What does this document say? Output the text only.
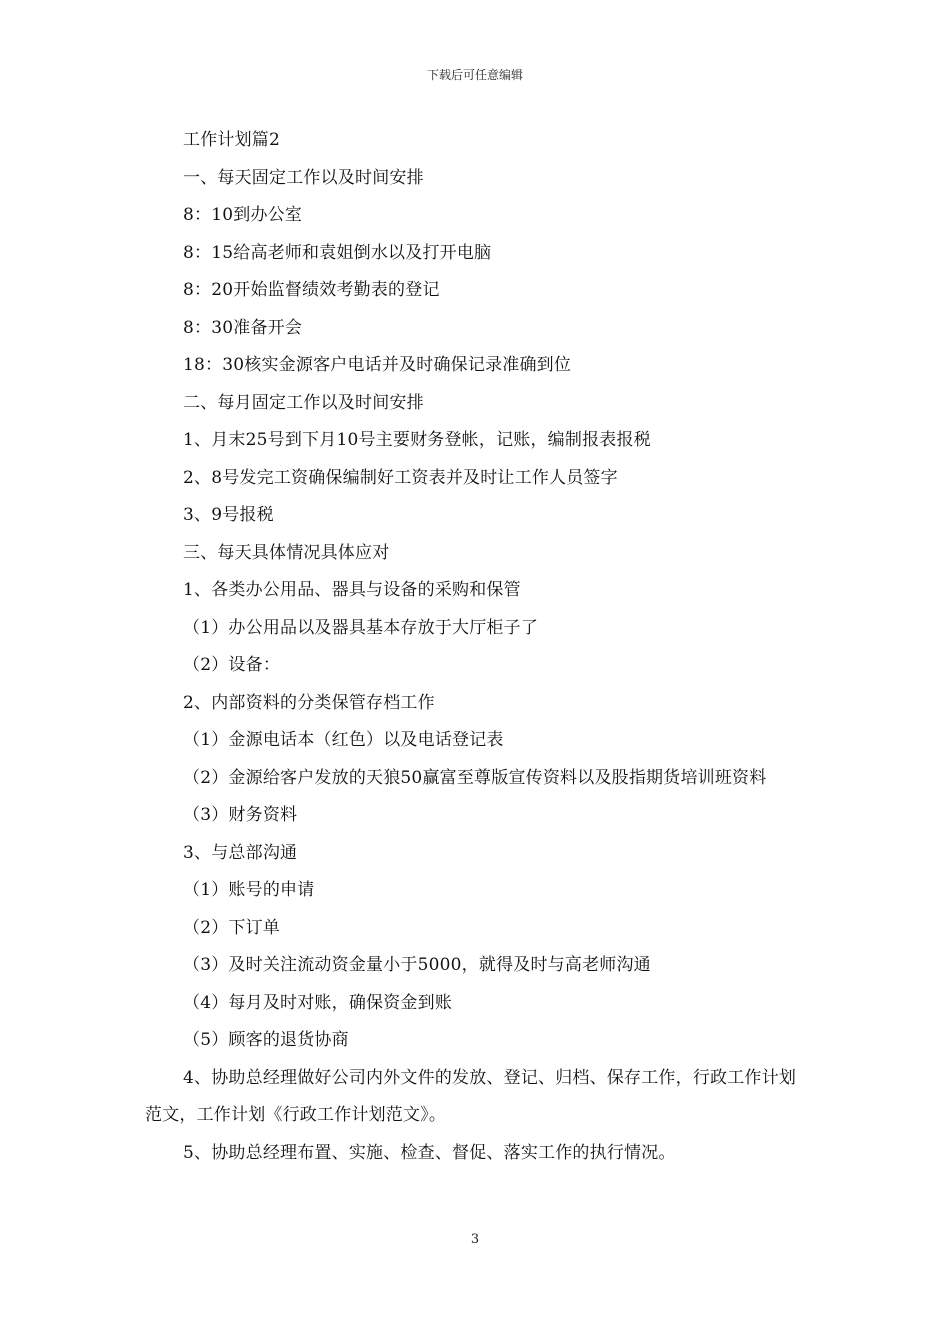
下载后可任意编辑

工作计划篇2

一、每天固定工作以及时间安排

8：10到办公室

8：15给高老师和袁姐倒水以及打开电脑

8：20开始监督绩效考勤表的登记

8：30准备开会

18：30核实金源客户电话并及时确保记录准确到位

二、每月固定工作以及时间安排

1、月末25号到下月10号主要财务登帐，记账，编制报表报税

2、8号发完工资确保编制好工资表并及时让工作人员签字

3、9号报税

三、每天具体情况具体应对

1、各类办公用品、器具与设备的采购和保管

（1）办公用品以及器具基本存放于大厅柜子了

（2）设备：

2、内部资料的分类保管存档工作

（1）金源电话本（红色）以及电话登记表

（2）金源给客户发放的天狼50赢富至尊版宣传资料以及股指期货培训班资料

（3）财务资料

3、与总部沟通

（1）账号的申请

（2）下订单

（3）及时关注流动资金量小于5000，就得及时与高老师沟通

（4）每月及时对账，确保资金到账

（5）顾客的退货协商

4、协助总经理做好公司内外文件的发放、登记、归档、保存工作，行政工作计划范文，工作计划《行政工作计划范文》。

5、协助总经理布置、实施、检查、督促、落实工作的执行情况。

3
